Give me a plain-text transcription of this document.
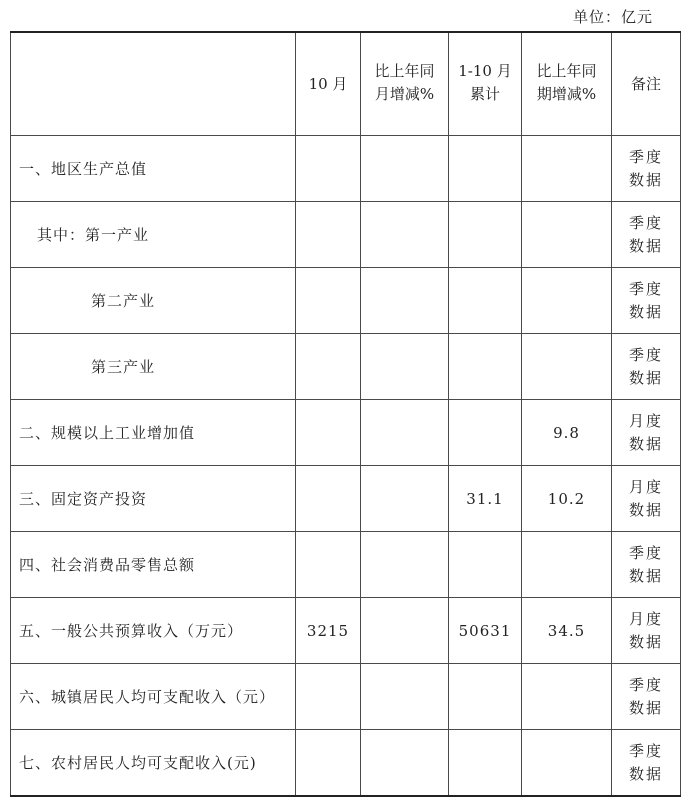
单位：亿元
	10 月	比上年同月增减%	1-10 月累计	比上年同期增减%	备注
一、地区生产总值					季度数据
其中：第一产业					季度数据
第二产业					季度数据
第三产业					季度数据
二、规模以上工业增加值				9.8	月度数据
三、固定资产投资			31.1	10.2	月度数据
四、社会消费品零售总额					季度数据
五、一般公共预算收入（万元）	3215		50631	34.5	月度数据
六、城镇居民人均可支配收入（元）					季度数据
七、农村居民人均可支配收入(元)					季度数据
